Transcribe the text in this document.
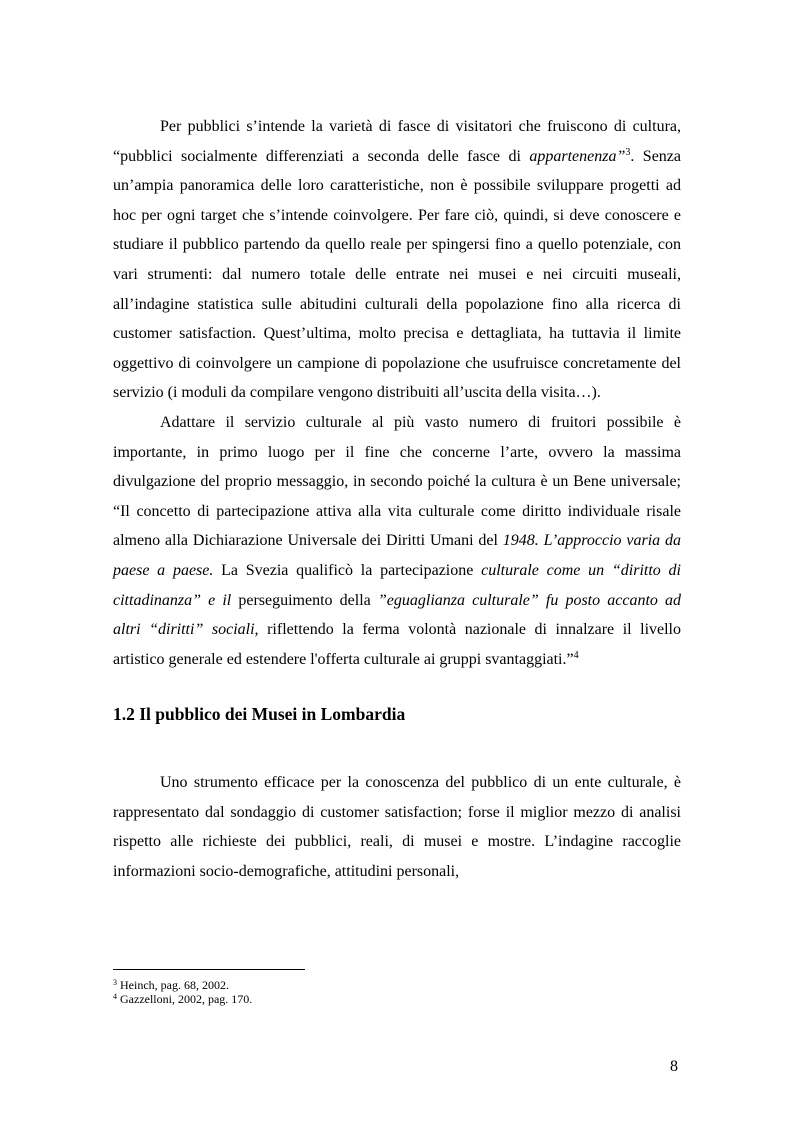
Per pubblici s’intende la varietà di fasce di visitatori che fruiscono di cultura, “pubblici socialmente differenziati a seconda delle fasce di appartenenza”$^3$. Senza un’ampia panoramica delle loro caratteristiche, non è possibile sviluppare progetti ad hoc per ogni target che s’intende coinvolgere. Per fare ciò, quindi, si deve conoscere e studiare il pubblico partendo da quello reale per spingersi fino a quello potenziale, con vari strumenti: dal numero totale delle entrate nei musei e nei circuiti museali, all’indagine statistica sulle abitudini culturali della popolazione fino alla ricerca di customer satisfaction. Quest’ultima, molto precisa e dettagliata, ha tuttavia il limite oggettivo di coinvolgere un campione di popolazione che usufruisce concretamente del servizio (i moduli da compilare vengono distribuiti all’uscita della visita…).

Adattare il servizio culturale al più vasto numero di fruitori possibile è importante, in primo luogo per il fine che concerne l’arte, ovvero la massima divulgazione del proprio messaggio, in secondo poiché la cultura è un Bene universale; “Il concetto di partecipazione attiva alla vita culturale come diritto individuale risale almeno alla Dichiarazione Universale dei Diritti Umani del 1948. L’approccio varia da paese a paese. La Svezia qualificò la partecipazione culturale come un “diritto di cittadinanza” e il perseguimento della ”eguaglianza culturale” fu posto accanto ad altri “diritti” sociali, riflettendo la ferma volontà nazionale di innalzare il livello artistico generale ed estendere l'offerta culturale ai gruppi svantaggiati.”$^4$

1.2 Il pubblico dei Musei in Lombardia

Uno strumento efficace per la conoscenza del pubblico di un ente culturale, è rappresentato dal sondaggio di customer satisfaction; forse il miglior mezzo di analisi rispetto alle richieste dei pubblici, reali, di musei e mostre. L’indagine raccoglie informazioni socio-demografiche, attitudini personali,

$^3$ Heinch, pag. 68, 2002.
$^4$ Gazzelloni, 2002, pag. 170.
8
